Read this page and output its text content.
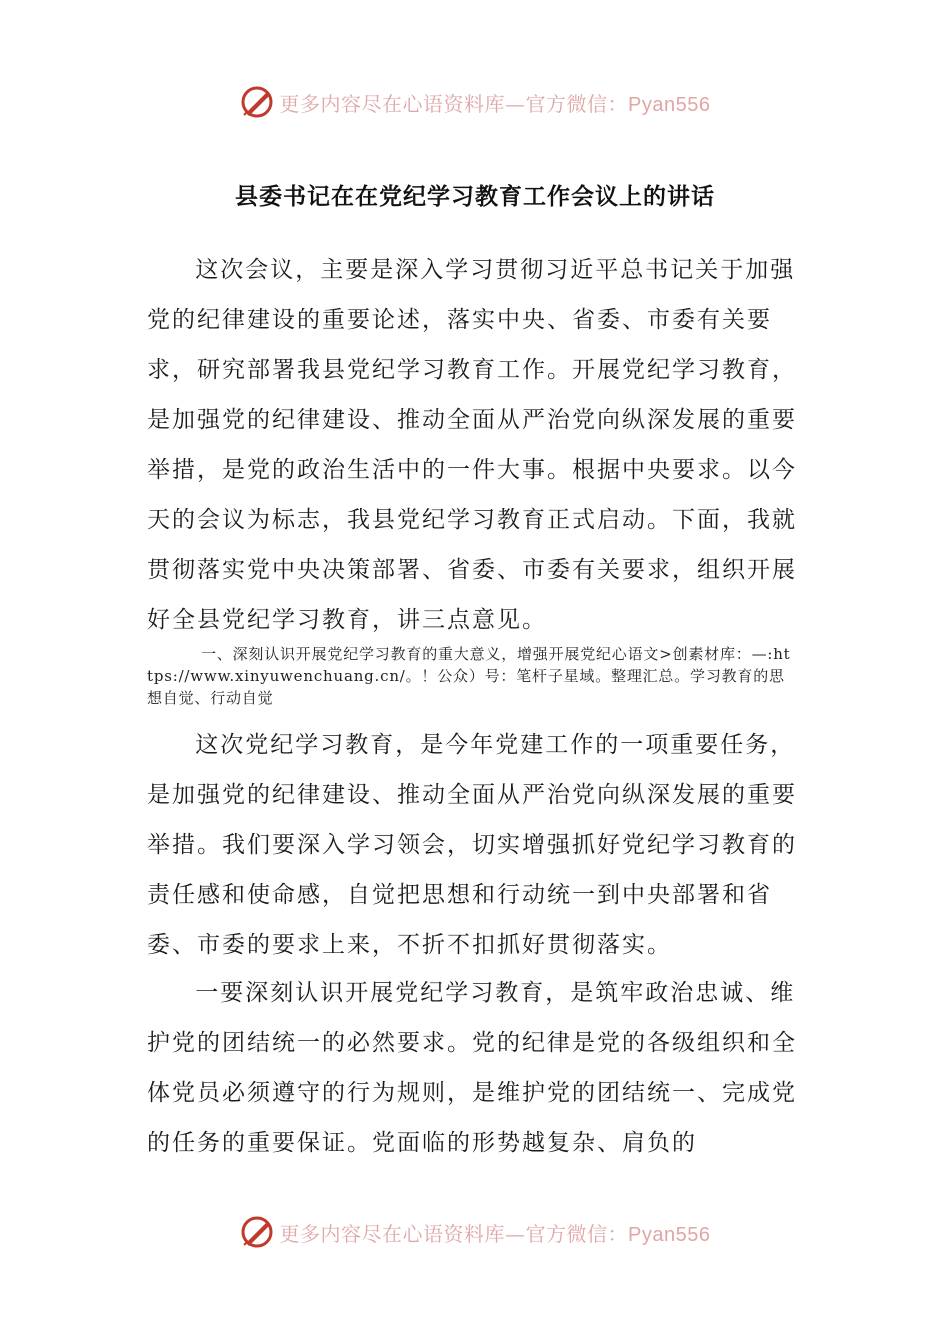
更多内容尽在心语资料库—官方微信：Pyan556
县委书记在在党纪学习教育工作会议上的讲话

这次会议，主要是深入学习贯彻习近平总书记关于加强党的纪律建设的重要论述，落实中央、省委、市委有关要求，研究部署我县党纪学习教育工作。开展党纪学习教育，是加强党的纪律建设、推动全面从严治党向纵深发展的重要举措，是党的政治生活中的一件大事。根据中央要求。以今天的会议为标志，我县党纪学习教育正式启动。下面，我就贯彻落实党中央决策部署、省委、市委有关要求，组织开展好全县党纪学习教育，讲三点意见。

一、深刻认识开展党纪学习教育的重大意义，增强开展党纪心语文>创素材库：—:https://www.xinyuwenchuang.cn/。！公众）号：笔杆子星域。整理汇总。学习教育的思想自觉、行动自觉

这次党纪学习教育，是今年党建工作的一项重要任务，是加强党的纪律建设、推动全面从严治党向纵深发展的重要举措。我们要深入学习领会，切实增强抓好党纪学习教育的责任感和使命感，自觉把思想和行动统一到中央部署和省委、市委的要求上来，不折不扣抓好贯彻落实。

一要深刻认识开展党纪学习教育，是筑牢政治忠诚、维护党的团结统一的必然要求。党的纪律是党的各级组织和全体党员必须遵守的行为规则，是维护党的团结统一、完成党的任务的重要保证。党面临的形势越复杂、肩负的

更多内容尽在心语资料库—官方微信：Pyan556
